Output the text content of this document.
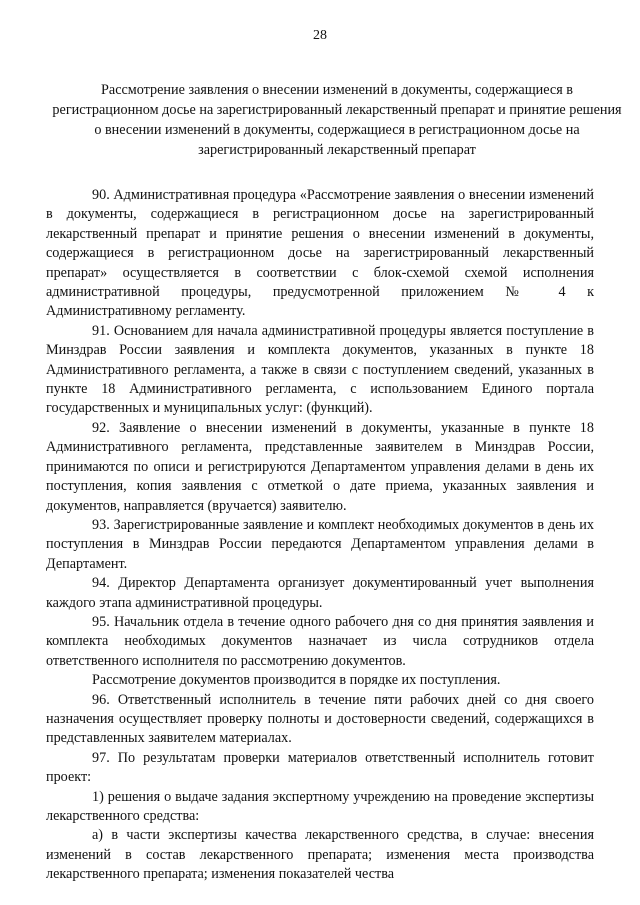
28
Рассмотрение заявления о внесении изменений в документы, содержащиеся в регистрационном досье на зарегистрированный лекарственный препарат и принятие решения о внесении изменений в документы, содержащиеся в регистрационном досье на зарегистрированный лекарственный препарат

90. Административная процедура «Рассмотрение заявления о внесении изменений в документы, содержащиеся в регистрационном досье на зарегистрированный лекарственный препарат и принятие решения о внесении изменений в документы, содержащиеся в регистрационном досье на зарегистрированный лекарственный препарат» осуществляется в соответствии с блок-схемой схемой исполнения административной процедуры, предусмотренной приложением № 4 к Административному регламенту.

91. Основанием для начала административной процедуры является поступление в Минздрав России заявления и комплекта документов, указанных в пункте 18 Административного регламента, а также в связи с поступлением сведений, указанных в пункте 18 Административного регламента, с использованием Единого портала государственных и муниципальных услуг: (функций).

92. Заявление о внесении изменений в документы, указанные в пункте 18 Административного регламента, представленные заявителем в Минздрав России, принимаются по описи и регистрируются Департаментом управления делами в день их поступления, копия заявления с отметкой о дате приема, указанных заявления и документов, направляется (вручается) заявителю.

93. Зарегистрированные заявление и комплект необходимых документов в день их поступления в Минздрав России передаются Департаментом управления делами в Департамент.

94. Директор Департамента организует документированный учет выполнения каждого этапа административной процедуры.

95. Начальник отдела в течение одного рабочего дня со дня принятия заявления и комплекта необходимых документов назначает из числа сотрудников отдела ответственного исполнителя по рассмотрению документов.

Рассмотрение документов производится в порядке их поступления.

96. Ответственный исполнитель в течение пяти рабочих дней со дня своего назначения осуществляет проверку полноты и достоверности сведений, содержащихся в представленных заявителем материалах.

97. По результатам проверки материалов ответственный исполнитель готовит проект:

1) решения о выдаче задания экспертному учреждению на проведение экспертизы лекарственного средства:

а) в части экспертизы качества лекарственного средства, в случае: внесения изменений в состав лекарственного препарата; изменения места производства лекарственного препарата; изменения показателей чества
